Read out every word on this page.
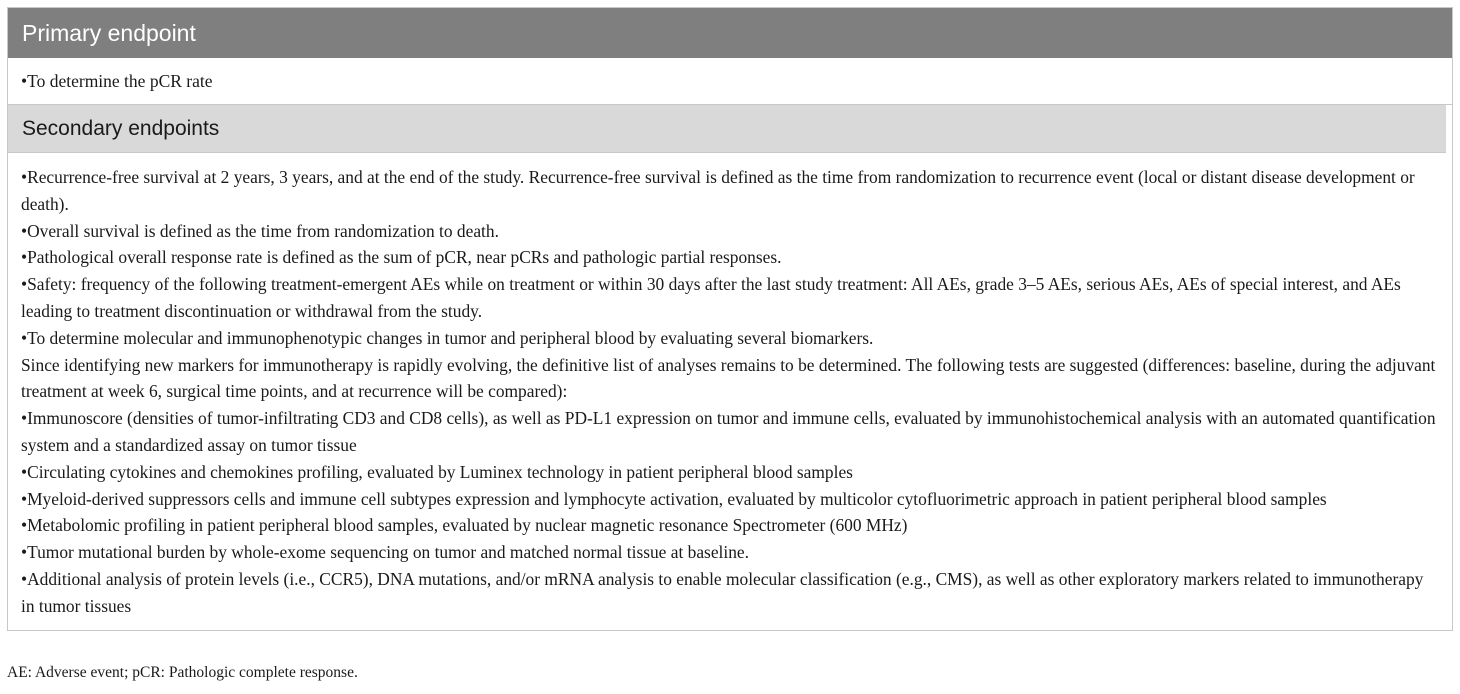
Primary endpoint
•To determine the pCR rate
Secondary endpoints

•Recurrence-free survival at 2 years, 3 years, and at the end of the study. Recurrence-free survival is defined as the time from randomization to recurrence event (local or distant disease development or death).

•Overall survival is defined as the time from randomization to death.

•Pathological overall response rate is defined as the sum of pCR, near pCRs and pathologic partial responses.

•Safety: frequency of the following treatment-emergent AEs while on treatment or within 30 days after the last study treatment: All AEs, grade 3–5 AEs, serious AEs, AEs of special interest, and AEs leading to treatment discontinuation or withdrawal from the study.

•To determine molecular and immunophenotypic changes in tumor and peripheral blood by evaluating several biomarkers.

Since identifying new markers for immunotherapy is rapidly evolving, the definitive list of analyses remains to be determined. The following tests are suggested (differences: baseline, during the adjuvant treatment at week 6, surgical time points, and at recurrence will be compared):

•Immunoscore (densities of tumor-infiltrating CD3 and CD8 cells), as well as PD-L1 expression on tumor and immune cells, evaluated by immunohistochemical analysis with an automated quantification system and a standardized assay on tumor tissue

•Circulating cytokines and chemokines profiling, evaluated by Luminex technology in patient peripheral blood samples

•Myeloid-derived suppressors cells and immune cell subtypes expression and lymphocyte activation, evaluated by multicolor cytofluorimetric approach in patient peripheral blood samples

•Metabolomic profiling in patient peripheral blood samples, evaluated by nuclear magnetic resonance Spectrometer (600 MHz)

•Tumor mutational burden by whole-exome sequencing on tumor and matched normal tissue at baseline.

•Additional analysis of protein levels (i.e., CCR5), DNA mutations, and/or mRNA analysis to enable molecular classification (e.g., CMS), as well as other exploratory markers related to immunotherapy in tumor tissues

AE: Adverse event; pCR: Pathologic complete response.
